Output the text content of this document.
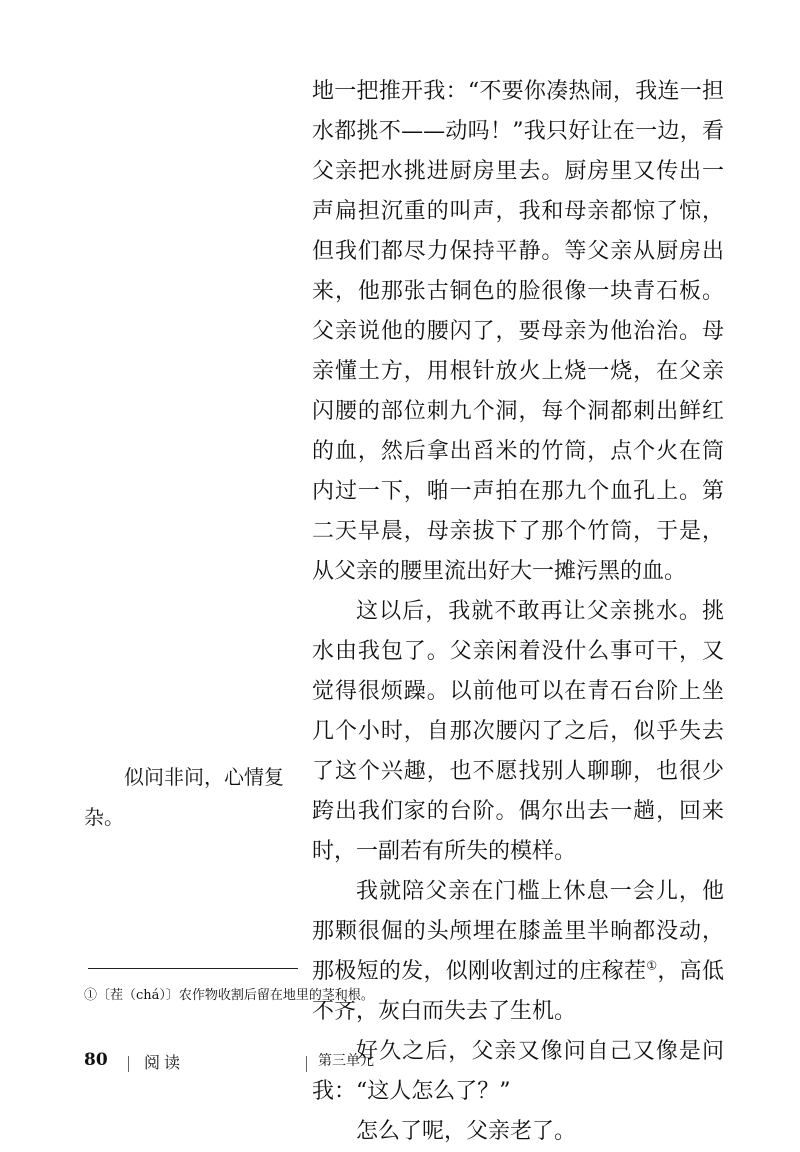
地一把推开我：“不要你凑热闹，我连一担水都挑不——动吗！”我只好让在一边，看父亲把水挑进厨房里去。厨房里又传出一声扁担沉重的叫声，我和母亲都惊了惊，但我们都尽力保持平静。等父亲从厨房出来，他那张古铜色的脸很像一块青石板。父亲说他的腰闪了，要母亲为他治治。母亲懂土方，用根针放火上烧一烧，在父亲闪腰的部位刺九个洞，每个洞都刺出鲜红的血，然后拿出舀米的竹筒，点个火在筒内过一下，啪一声拍在那九个血孔上。第二天早晨，母亲拔下了那个竹筒，于是，从父亲的腰里流出好大一摊污黑的血。

这以后，我就不敢再让父亲挑水。挑水由我包了。父亲闲着没什么事可干，又觉得很烦躁。以前他可以在青石台阶上坐几个小时，自那次腰闪了之后，似乎失去了这个兴趣，也不愿找别人聊聊，也很少跨出我们家的台阶。偶尔出去一趟，回来时，一副若有所失的模样。

我就陪父亲在门槛上休息一会儿，他那颗很倔的头颅埋在膝盖里半晌都没动，那极短的发，似刚收割过的庄稼茬①，高低不齐，灰白而失去了生机。

好久之后，父亲又像问自己又像是问我：“这人怎么了？”

怎么了呢，父亲老了。

似问非问，心情复杂。

①〔茬（chá）〕农作物收割后留在地里的茎和根。
80 阅读	第三单元
